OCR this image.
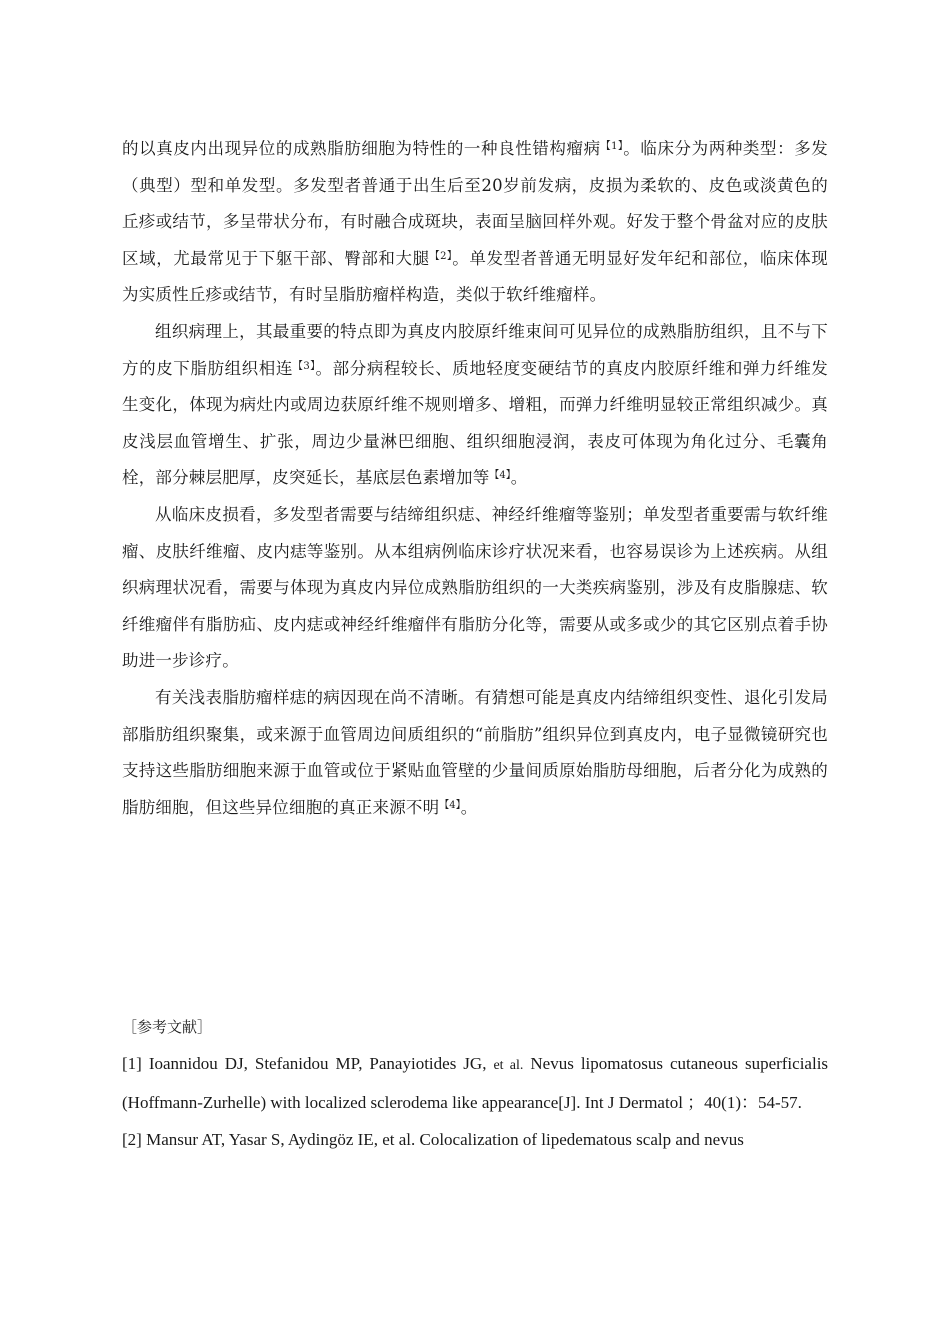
的以真皮内出现异位的成熟脂肪细胞为特性的一种良性错构瘤病$^{【1】}$。临床分为两种类型：多发（典型）型和单发型。多发型者普通于出生后至20岁前发病，皮损为柔软的、皮色或淡黄色的丘疹或结节，多呈带状分布，有时融合成斑块，表面呈脑回样外观。好发于整个骨盆对应的皮肤区域，尤最常见于下躯干部、臀部和大腿$^{【2】}$。单发型者普通无明显好发年纪和部位，临床体现为实质性丘疹或结节，有时呈脂肪瘤样构造，类似于软纤维瘤样。

组织病理上，其最重要的特点即为真皮内胶原纤维束间可见异位的成熟脂肪组织，且不与下方的皮下脂肪组织相连$^{【3】}$。部分病程较长、质地轻度变硬结节的真皮内胶原纤维和弹力纤维发生变化，体现为病灶内或周边获原纤维不规则增多、增粗，而弹力纤维明显较正常组织减少。真皮浅层血管增生、扩张，周边少量淋巴细胞、组织细胞浸润，表皮可体现为角化过分、毛囊角栓，部分棘层肥厚，皮突延长，基底层色素增加等$^{【4】}$。

从临床皮损看，多发型者需要与结缔组织痣、神经纤维瘤等鉴别；单发型者重要需与软纤维瘤、皮肤纤维瘤、皮内痣等鉴别。从本组病例临床诊疗状况来看，也容易误诊为上述疾病。从组织病理状况看，需要与体现为真皮内异位成熟脂肪组织的一大类疾病鉴别，涉及有皮脂腺痣、软纤维瘤伴有脂肪疝、皮内痣或神经纤维瘤伴有脂肪分化等，需要从或多或少的其它区别点着手协助进一步诊疗。

有关浅表脂肪瘤样痣的病因现在尚不清晰。有猜想可能是真皮内结缔组织变性、退化引发局部脂肪组织聚集，或来源于血管周边间质组织的“前脂肪”组织异位到真皮内，电子显微镜研究也支持这些脂肪细胞来源于血管或位于紧贴血管壁的少量间质原始脂肪母细胞，后者分化为成熟的脂肪细胞，但这些异位细胞的真正来源不明$^{【4】}$。

［参考文献］

[1] Ioannidou DJ, Stefanidou MP, Panayiotides JG, et al. Nevus lipomatosus cutaneous superficialis (Hoffmann-Zurhelle) with localized sclerodema like appearance[J]. Int J Dermatol ；40(1)：54-57.

[2] Mansur AT, Yasar S, Aydingöz IE, et al. Colocalization of lipedematous scalp and nevus
